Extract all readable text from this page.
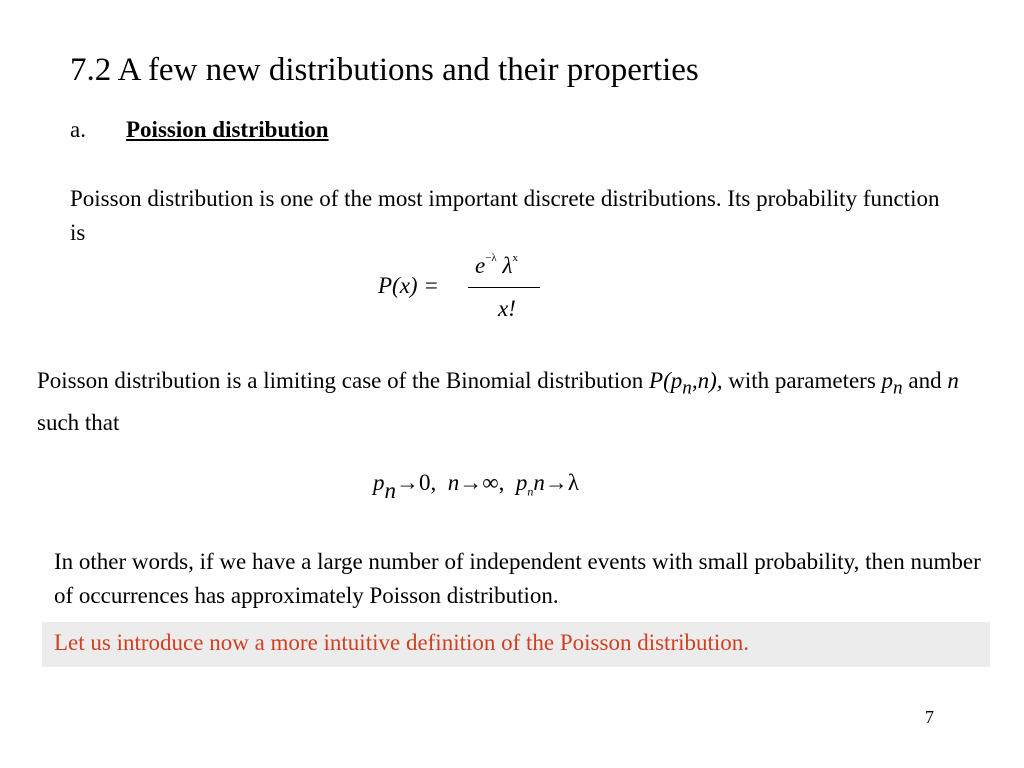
7.2 A few new distributions and their properties
a. Poission distribution
Poisson distribution is one of the most important discrete distributions. Its probability function is
P(x) =
$e^{-\lambda}$ $\lambda^x$
x!
Poisson distribution is a limiting case of the Binomial distribution $P(p_n,n)$, with parameters $p_n$ and n such that
pn→0, n→∞, $p_nn\to\lambda$
In other words, if we have a large number of independent events with small probability, then number of occurrences has approximately Poisson distribution.
Let us introduce now a more intuitive definition of the Poisson distribution.
7
